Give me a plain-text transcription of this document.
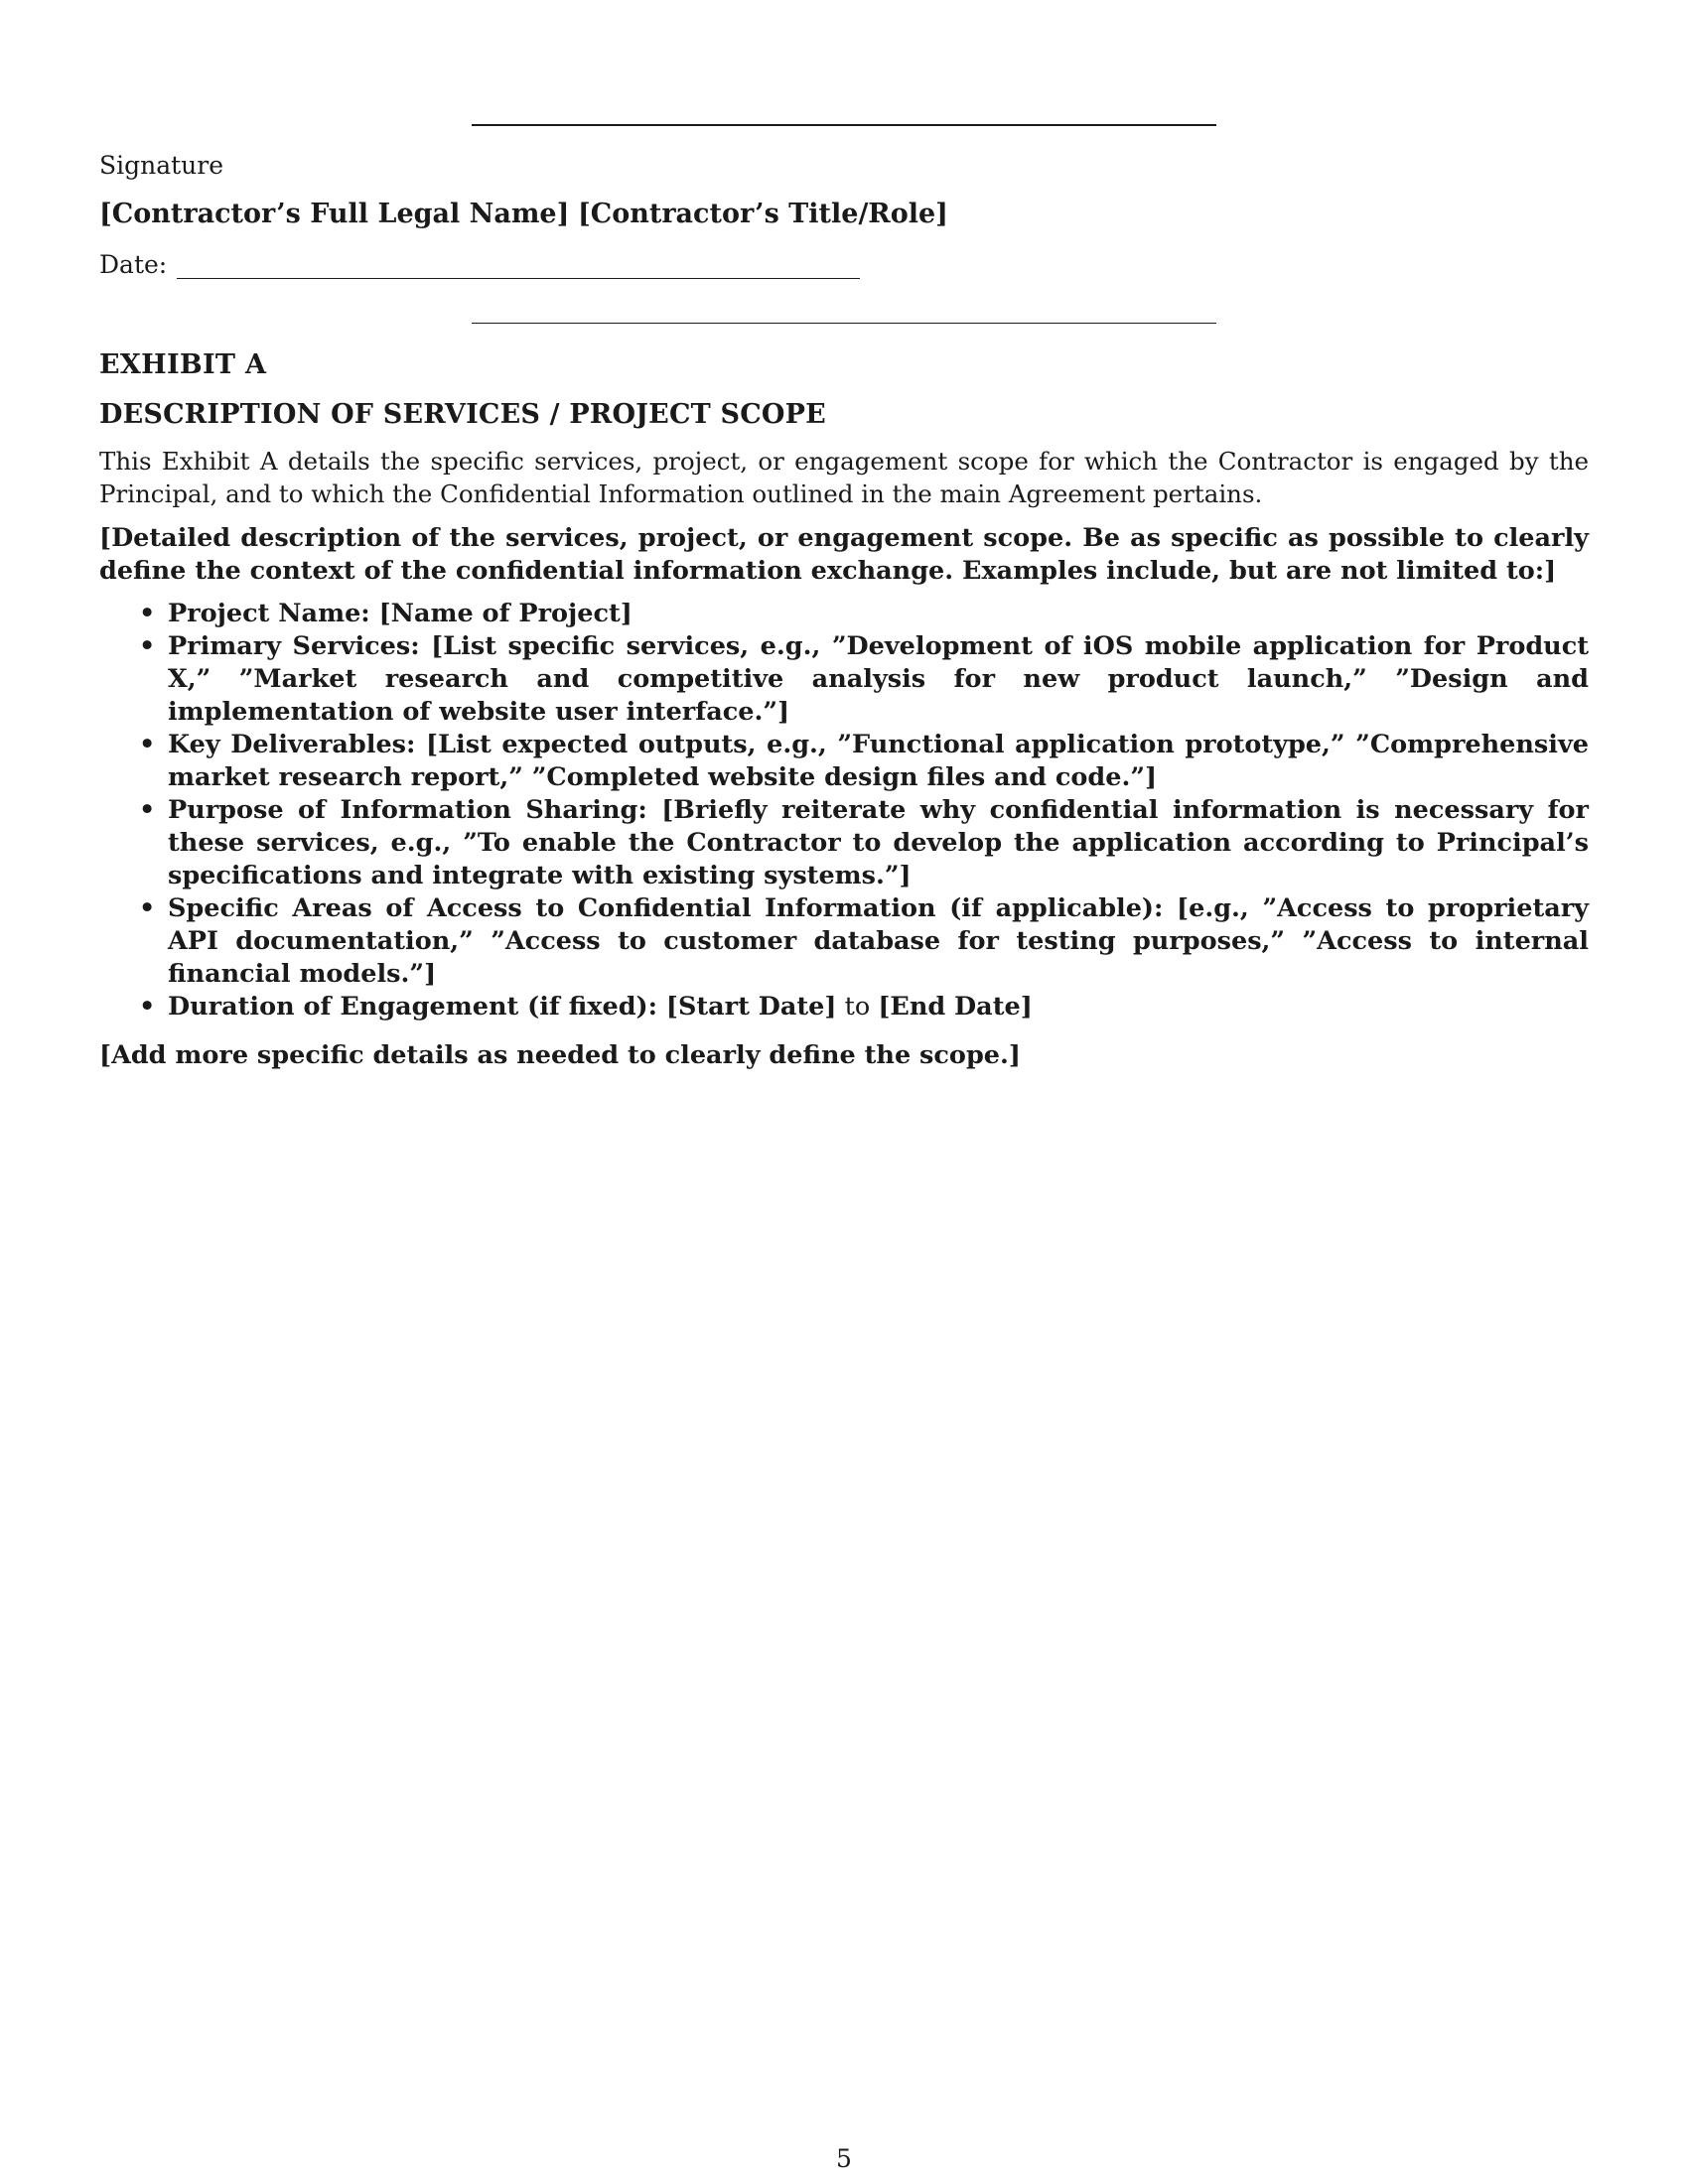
Signature
[Contractor’s Full Legal Name] [Contractor’s Title/Role]
Date:
EXHIBIT A
DESCRIPTION OF SERVICES / PROJECT SCOPE

This Exhibit A details the specific services, project, or engagement scope for which the Contractor is engaged by the Principal, and to which the Confidential Information outlined in the main Agreement pertains.

[Detailed description of the services, project, or engagement scope. Be as specific as possible to clearly define the context of the confidential information exchange. Examples include, but are not limited to:]

• Project Name: [Name of Project]
• Primary Services: [List specific services, e.g., ”Development of iOS mobile application for Product X,” ”Market research and competitive analysis for new product launch,” ”Design and implementation of website user interface.”]
• Key Deliverables: [List expected outputs, e.g., ”Functional application prototype,” ”Comprehensive market research report,” ”Completed website design files and code.”]
• Purpose of Information Sharing: [Briefly reiterate why confidential information is necessary for these services, e.g., ”To enable the Contractor to develop the application according to Principal’s specifications and integrate with existing systems.”]
• Specific Areas of Access to Confidential Information (if applicable): [e.g., ”Access to proprietary API documentation,” ”Access to customer database for testing purposes,” ”Access to internal financial models.”]
• Duration of Engagement (if fixed): [Start Date] to [End Date]

[Add more specific details as needed to clearly define the scope.]

5
